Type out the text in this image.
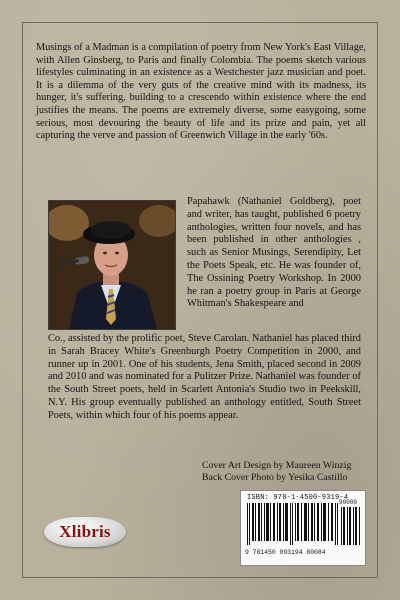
Musings of a Madman is a compilation of poetry from New York's East Village, with Allen Ginsberg, to Paris and finally Colombia. The poems sketch various lifestyles culminating in an existence as a Westchester jazz musician and poet. It is a dilemma of the very guts of the creative mind with its madness, its hunger, it's suffering, building to a crescendo within existence where the end justifies the means. The poems are extremely diverse, some easygoing, some serious, most devouring the beauty of life and its prize and pain, yet all capturing the verve and passion of Greenwich Village in the early '60s.
Papahawk (Nathaniel Goldberg), poet and writer, has taught, published 6 poetry anthologies, written four novels, and has been published in other anthologies , such as Senior Musings, Serendipity, Let the Poets Speak, etc. He was founder of, The Ossining Poetry Workshop. In 2000 he ran a poetry group in Paris at George Whitman's Shakespeare and
Co., assisted by the prolific poet, Steve Carolan. Nathaniel has placed third in Sarah Bracey White's Greenburgh Poetry Competition in 2000, and runner up in 2001. One of his students, Jena Smith, placed second in 2009 and 2010 and was nominated for a Pulitzer Prize. Nathaniel was founder of the South Street poets, held in Scarlett Antonia's Studio two in Peekskill, N.Y. His group eventually published an anthology entitled, South Street Poets, within which four of his poems appear.
Cover Art Design by Maureen Winzig
Back Cover Photo by Yesika Castillo
Xlibris
ISBN: 978-1-4500-9319-4
90000
9 781450 093194 80084
